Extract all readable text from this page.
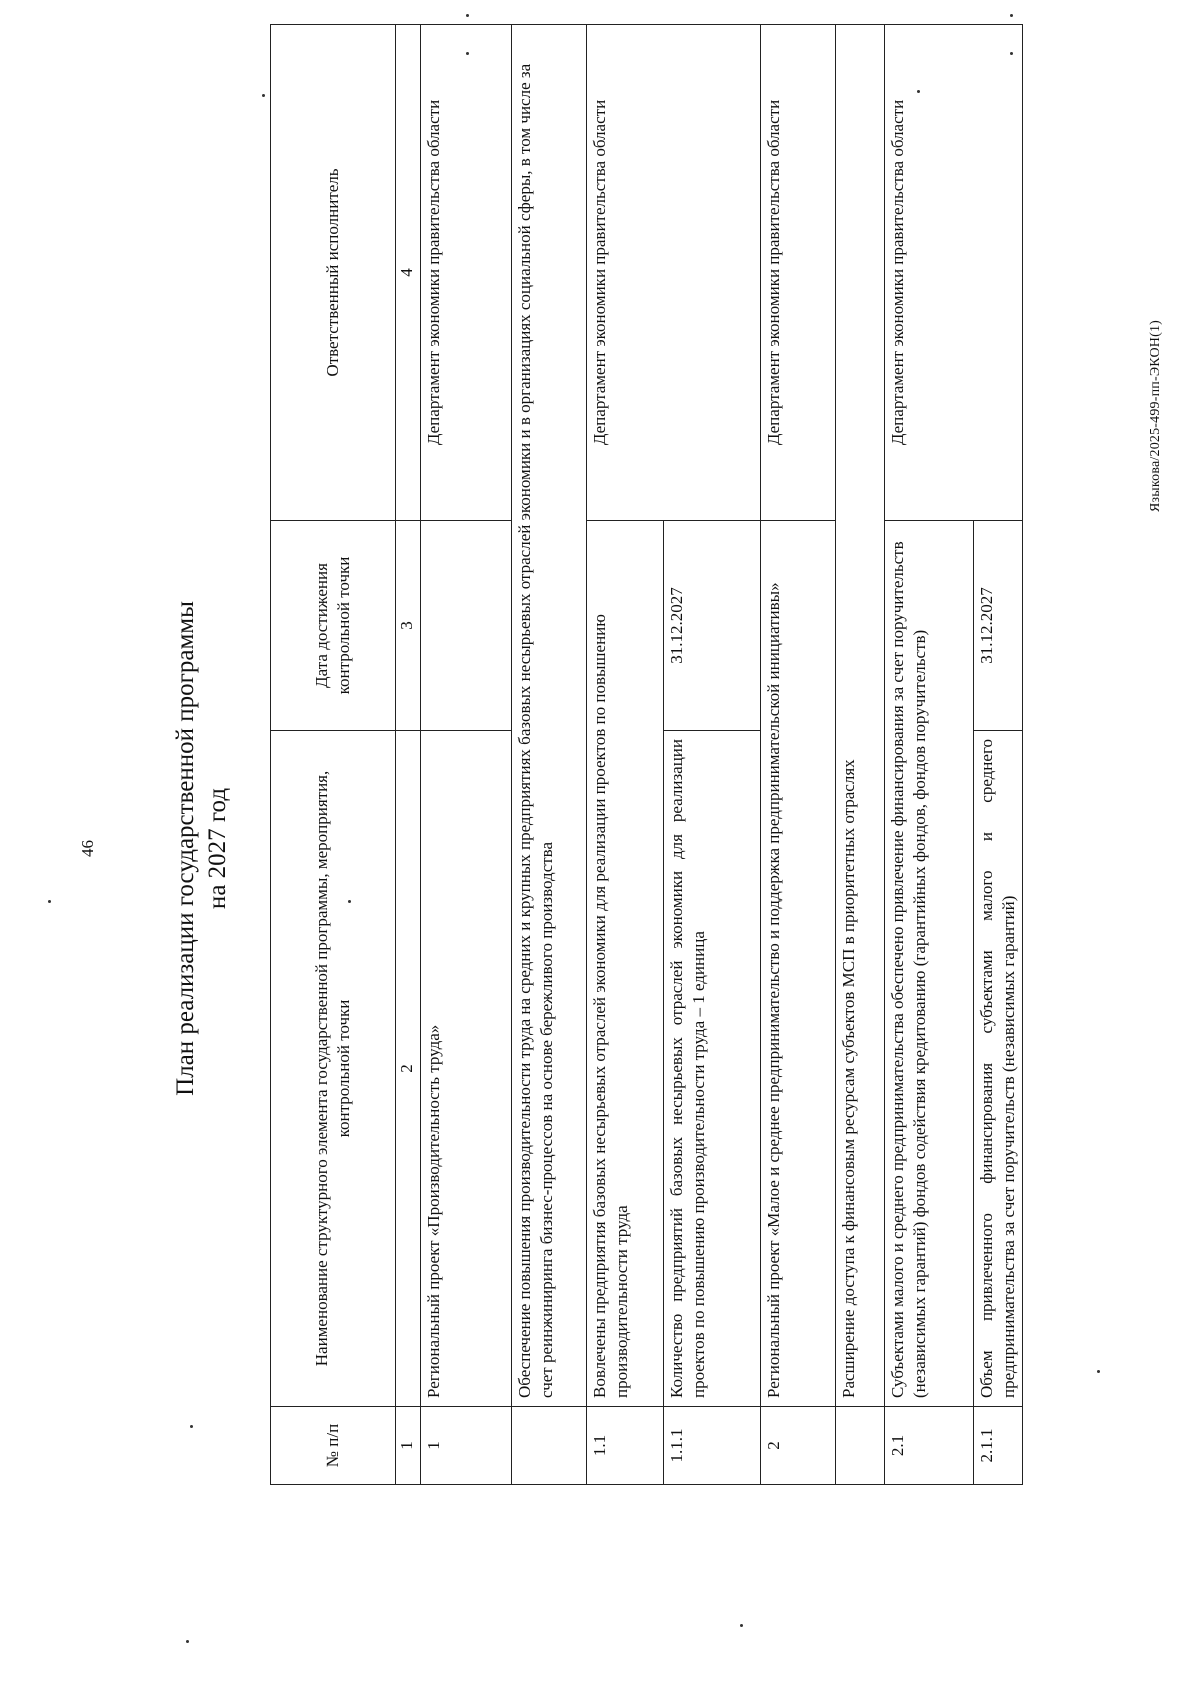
46	План реализации государственной программы на 2027 год
№ п/п	Наименование структурного элемента государственной программы, мероприятия, контрольной точки	Дата достижения контрольной точки	Ответственный исполнитель
1	2	3	4
1	Региональный проект «Производительность труда»		Департамент экономики правительства области
	Обеспечение повышения производительности труда на средних и крупных предприятиях базовых несырьевых отраслей экономики и в организациях социальной сферы, в том числе за счет реинжиниринга бизнес-процессов на основе бережливого производства		
1.1	Вовлечены предприятия базовых несырьевых отраслей экономики для реализации проектов по повышению производительности труда		Департамент экономики правительства области
1.1.1	Количество предприятий базовых несырьевых отраслей экономики для реализации проектов по повышению производительности труда – 1 единица	31.12.2027	
2	Региональный проект «Малое и среднее предпринимательство и поддержка предпринимательской инициативы»		Департамент экономики правительства области
	Расширение доступа к финансовым ресурсам субъектов МСП в приоритетных отраслях		
2.1	Субъектами малого и среднего предпринимательства обеспечено привлечение финансирования за счет поручительств (независимых гарантий) фондов содействия кредитованию (гарантийных фондов, фондов поручительств)		Департамент экономики правительства области
2.1.1	Объем привлеченного финансирования субъектами малого и среднего предпринимательства за счет поручительств (независимых гарантий)	31.12.2027	
Языкова/2025-499-пп-ЭКОН(1)
